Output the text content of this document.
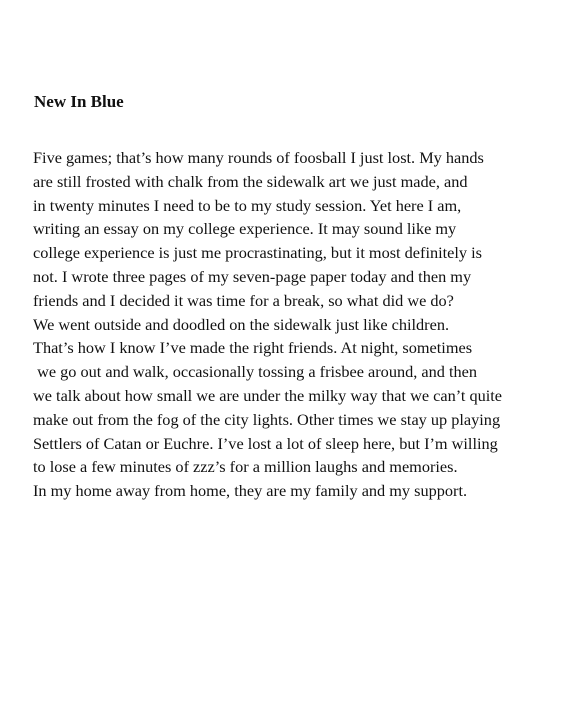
New In Blue
Five games; that’s how many rounds of foosball I just lost. My hands
are still frosted with chalk from the sidewalk art we just made, and
in twenty minutes I need to be to my study session. Yet here I am,
writing an essay on my college experience. It may sound like my
college experience is just me procrastinating, but it most definitely is
not. I wrote three pages of my seven-page paper today and then my
friends and I decided it was time for a break, so what did we do?
We went outside and doodled on the sidewalk just like children.
That’s how I know I’ve made the right friends. At night, sometimes
we go out and walk, occasionally tossing a frisbee around, and then
we talk about how small we are under the milky way that we can’t quite
make out from the fog of the city lights. Other times we stay up playing
Settlers of Catan or Euchre. I’ve lost a lot of sleep here, but I’m willing
to lose a few minutes of zzz’s for a million laughs and memories.
In my home away from home, they are my family and my support.
